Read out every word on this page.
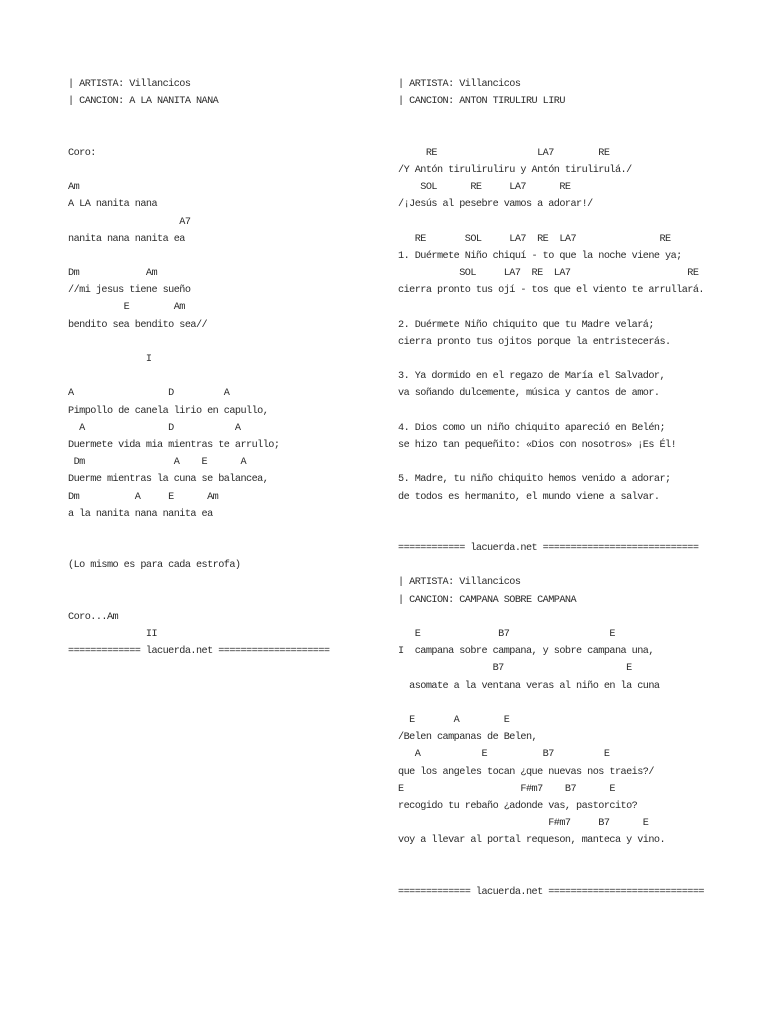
| ARTISTA: Villancicos
| CANCION: A LA NANITA NANA
Coro:
Am
A LA nanita nana
A7
nanita nana nanita ea
Dm            Am
//mi jesus tiene sueño
E        Am
bendito sea bendito sea//
I
A                 D         A
Pimpollo de canela lirio en capullo,
A               D           A
Duermete vida mia mientras te arrullo;
Dm                A    E      A
Duerme mientras la cuna se balancea,
Dm          A     E      Am
a la nanita nana nanita ea
(Lo mismo es para cada estrofa)
Coro...Am
II
============= lacuerda.net ====================
| ARTISTA: Villancicos
| CANCION: ANTON TIRULIRU LIRU
RE                  LA7        RE
/Y Antón tiruliruliru y Antón tirulirulá./
SOL      RE     LA7      RE
/¡Jesús al pesebre vamos a adorar!/
RE       SOL     LA7  RE  LA7               RE
1. Duérmete Niño chiquí - to que la noche viene ya;
SOL     LA7  RE  LA7                     RE
cierra pronto tus ojí - tos que el viento te arrullará.
2. Duérmete Niño chiquito que tu Madre velará;
cierra pronto tus ojitos porque la entristecerás.
3. Ya dormido en el regazo de María el Salvador,
va soñando dulcemente, música y cantos de amor.
4. Dios como un niño chiquito apareció en Belén;
se hizo tan pequeñito: «Dios con nosotros» ¡Es Él!
5. Madre, tu niño chiquito hemos venido a adorar;
de todos es hermanito, el mundo viene a salvar.
============ lacuerda.net ============================
| ARTISTA: Villancicos
| CANCION: CAMPANA SOBRE CAMPANA
E              B7                  E
I  campana sobre campana, y sobre campana una,
B7                      E
asomate a la ventana veras al niño en la cuna
E       A        E
/Belen campanas de Belen,
A           E          B7         E
que los angeles tocan ¿que nuevas nos traeis?/
E                     F#m7    B7      E
recogido tu rebaño ¿adonde vas, pastorcito?
F#m7     B7      E
voy a llevar al portal requeson, manteca y vino.
============= lacuerda.net ============================
